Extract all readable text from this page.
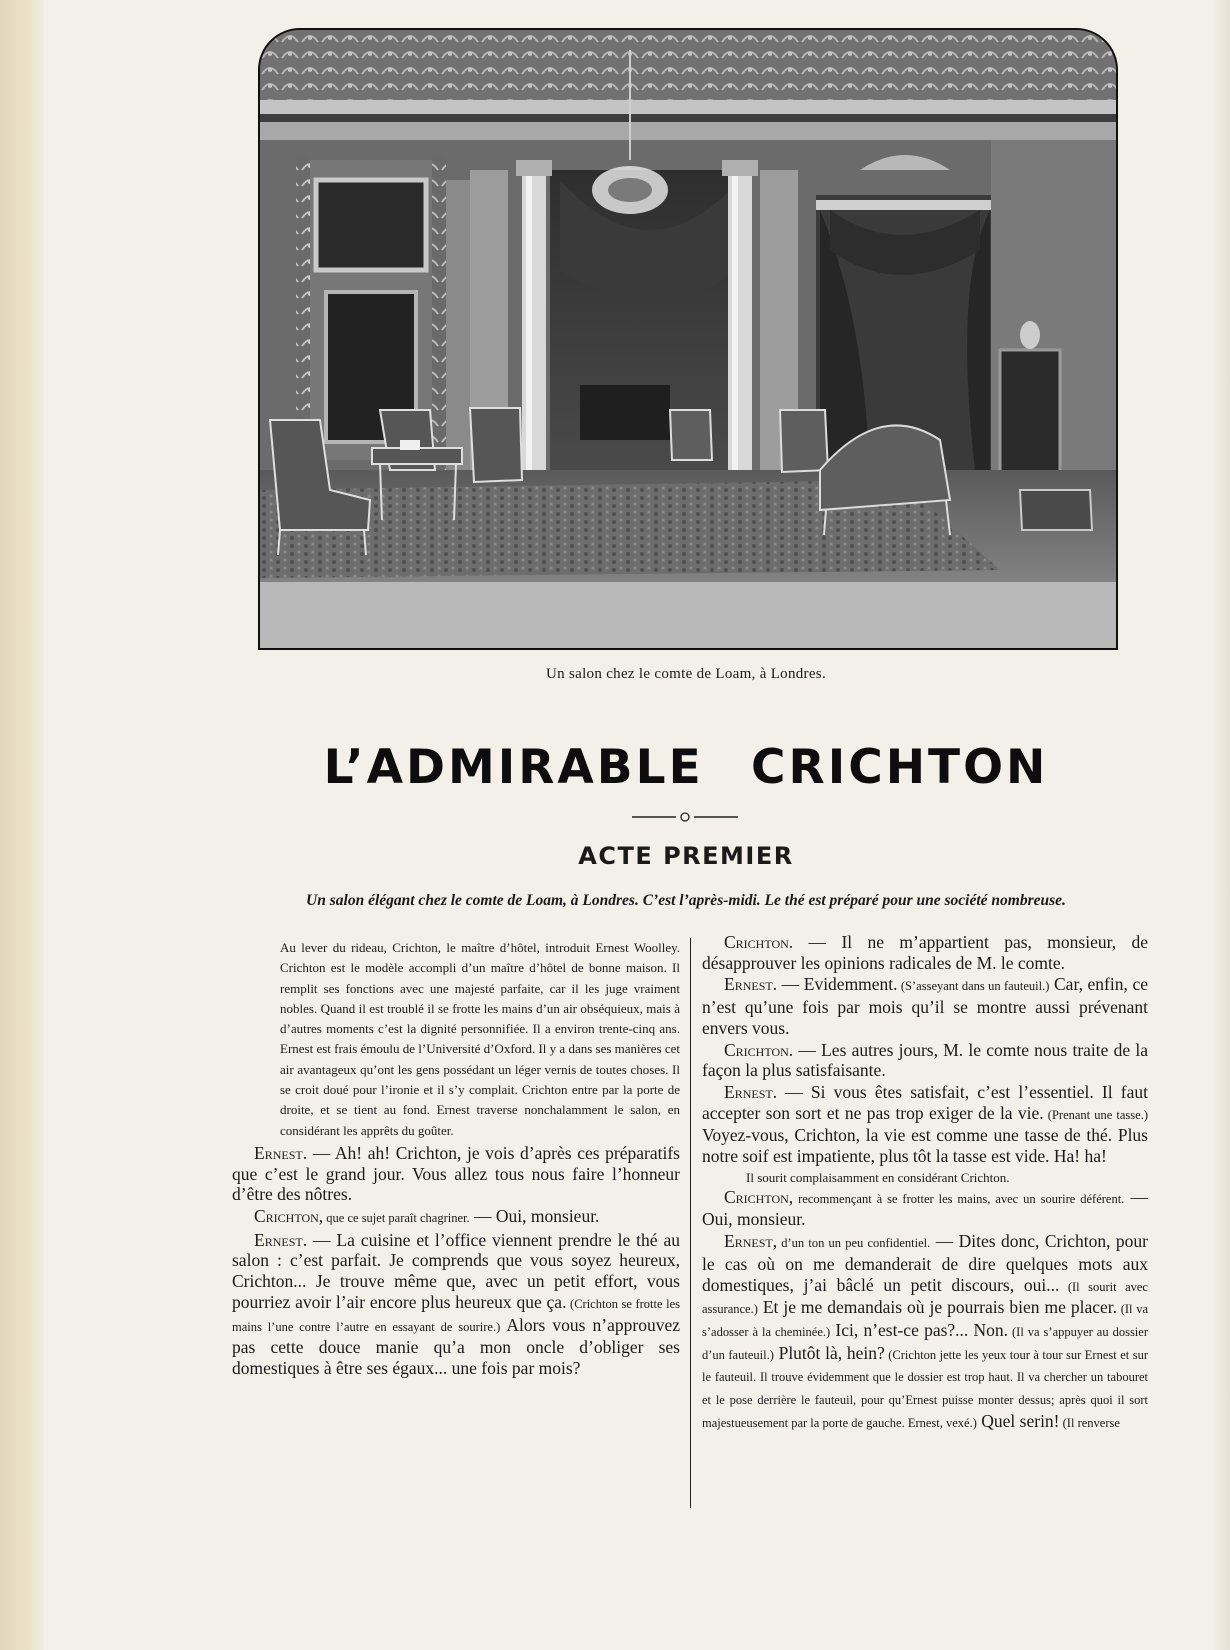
Un salon chez le comte de Loam, à Londres.
L’ADMIRABLE CRICHTON
ACTE PREMIER
Un salon élégant chez le comte de Loam, à Londres. C’est l’après-midi. Le thé est préparé pour une société nombreuse.

Au lever du rideau, Crichton, le maître d’hôtel, introduit Ernest Woolley. Crichton est le modèle accompli d’un maître d’hôtel de bonne maison. Il remplit ses fonctions avec une majesté parfaite, car il les juge vraiment nobles. Quand il est troublé il se frotte les mains d’un air obséquieux, mais à d’autres moments c’est la dignité personnifiée. Il a environ trente-cinq ans. Ernest est frais émoulu de l’Université d’Oxford. Il y a dans ses manières cet air avantageux qu’ont les gens possédant un léger vernis de toutes choses. Il se croit doué pour l’ironie et il s’y complait. Crichton entre par la porte de droite, et se tient au fond. Ernest traverse nonchalamment le salon, en considérant les apprêts du goûter.

Ernest. — Ah! ah! Crichton, je vois d’après ces préparatifs que c’est le grand jour. Vous allez tous nous faire l’honneur d’être des nôtres.

Crichton, que ce sujet paraît chagriner. — Oui, monsieur.

Ernest. — La cuisine et l’office viennent prendre le thé au salon : c’est parfait. Je comprends que vous soyez heureux, Crichton... Je trouve même que, avec un petit effort, vous pourriez avoir l’air encore plus heureux que ça. (Crichton se frotte les mains l’une contre l’autre en essayant de sourire.) Alors vous n’approuvez pas cette douce manie qu’a mon oncle d’obliger ses domestiques à être ses égaux... une fois par mois?

Crichton. — Il ne m’appartient pas, monsieur, de désapprouver les opinions radicales de M. le comte.

Ernest. — Evidemment. (S’asseyant dans un fauteuil.) Car, enfin, ce n’est qu’une fois par mois qu’il se montre aussi prévenant envers vous.

Crichton. — Les autres jours, M. le comte nous traite de la façon la plus satisfaisante.

Ernest. — Si vous êtes satisfait, c’est l’essentiel. Il faut accepter son sort et ne pas trop exiger de la vie. (Prenant une tasse.) Voyez-vous, Crichton, la vie est comme une tasse de thé. Plus notre soif est impatiente, plus tôt la tasse est vide. Ha! ha!

Il sourit complaisamment en considérant Crichton.

Crichton, recommençant à se frotter les mains, avec un sourire déférent. — Oui, monsieur.

Ernest, d’un ton un peu confidentiel. — Dites donc, Crichton, pour le cas où on me demanderait de dire quelques mots aux domestiques, j’ai bâclé un petit discours, oui... (Il sourit avec assurance.) Et je me demandais où je pourrais bien me placer. (Il va s’adosser à la cheminée.) Ici, n’est-ce pas?... Non. (Il va s’appuyer au dossier d’un fauteuil.) Plutôt là, hein? (Crichton jette les yeux tour à tour sur Ernest et sur le fauteuil. Il trouve évidemment que le dossier est trop haut. Il va chercher un tabouret et le pose derrière le fauteuil, pour qu’Ernest puisse monter dessus; après quoi il sort majestueusement par la porte de gauche. Ernest, vexé.) Quel serin! (Il renverse
